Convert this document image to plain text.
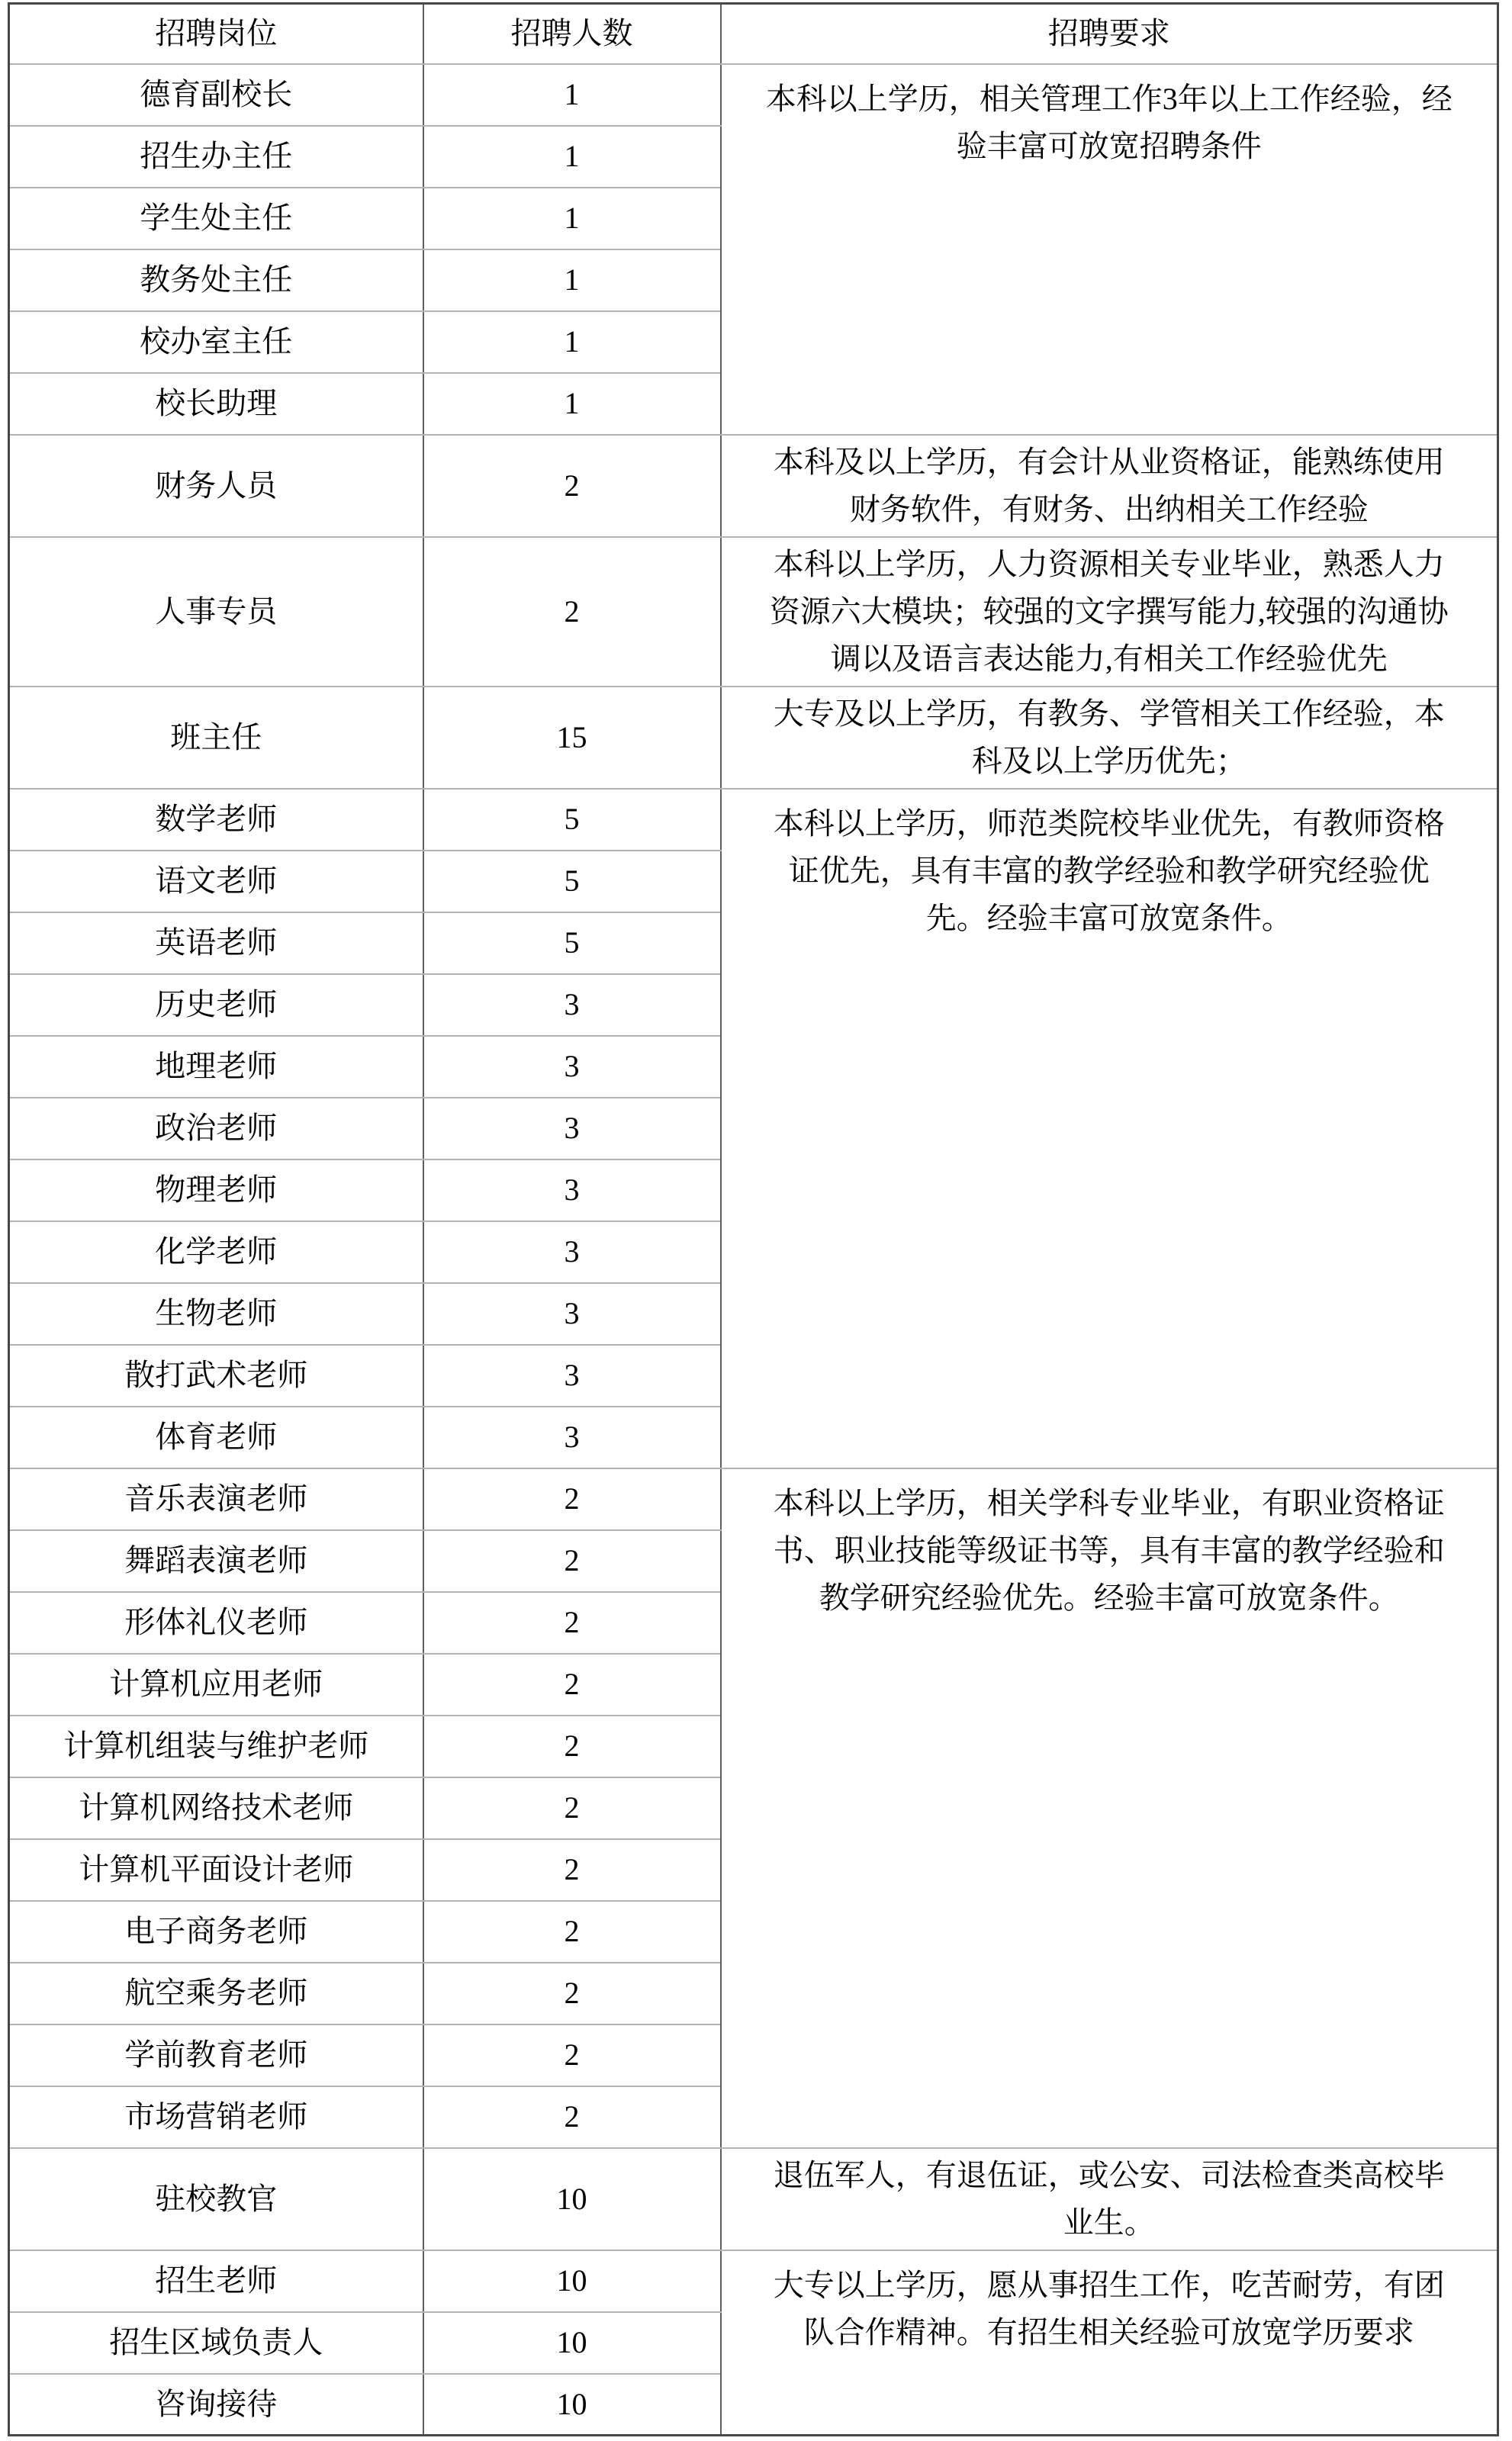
招聘岗位	招聘人数	招聘要求
德育副校长	1	本科以上学历，相关管理工作3年以上工作经验，经验丰富可放宽招聘条件
招生办主任	1	
学生处主任	1	
教务处主任	1	
校办室主任	1	
校长助理	1	
财务人员	2	本科及以上学历，有会计从业资格证，能熟练使用财务软件，有财务、出纳相关工作经验
人事专员	2	本科以上学历，人力资源相关专业毕业，熟悉人力资源六大模块；较强的文字撰写能力,较强的沟通协调以及语言表达能力,有相关工作经验优先
班主任	15	大专及以上学历，有教务、学管相关工作经验，本科及以上学历优先；
数学老师	5	本科以上学历，师范类院校毕业优先，有教师资格证优先，具有丰富的教学经验和教学研究经验优先。经验丰富可放宽条件。
语文老师	5	
英语老师	5	
历史老师	3	
地理老师	3	
政治老师	3	
物理老师	3	
化学老师	3	
生物老师	3	
散打武术老师	3	
体育老师	3	
音乐表演老师	2	本科以上学历，相关学科专业毕业，有职业资格证书、职业技能等级证书等，具有丰富的教学经验和教学研究经验优先。经验丰富可放宽条件。
舞蹈表演老师	2	
形体礼仪老师	2	
计算机应用老师	2	
计算机组装与维护老师	2	
计算机网络技术老师	2	
计算机平面设计老师	2	
电子商务老师	2	
航空乘务老师	2	
学前教育老师	2	
市场营销老师	2	
驻校教官	10	退伍军人，有退伍证，或公安、司法检查类高校毕业生。
招生老师	10	大专以上学历，愿从事招生工作，吃苦耐劳，有团队合作精神。有招生相关经验可放宽学历要求
招生区域负责人	10	
咨询接待	10	
